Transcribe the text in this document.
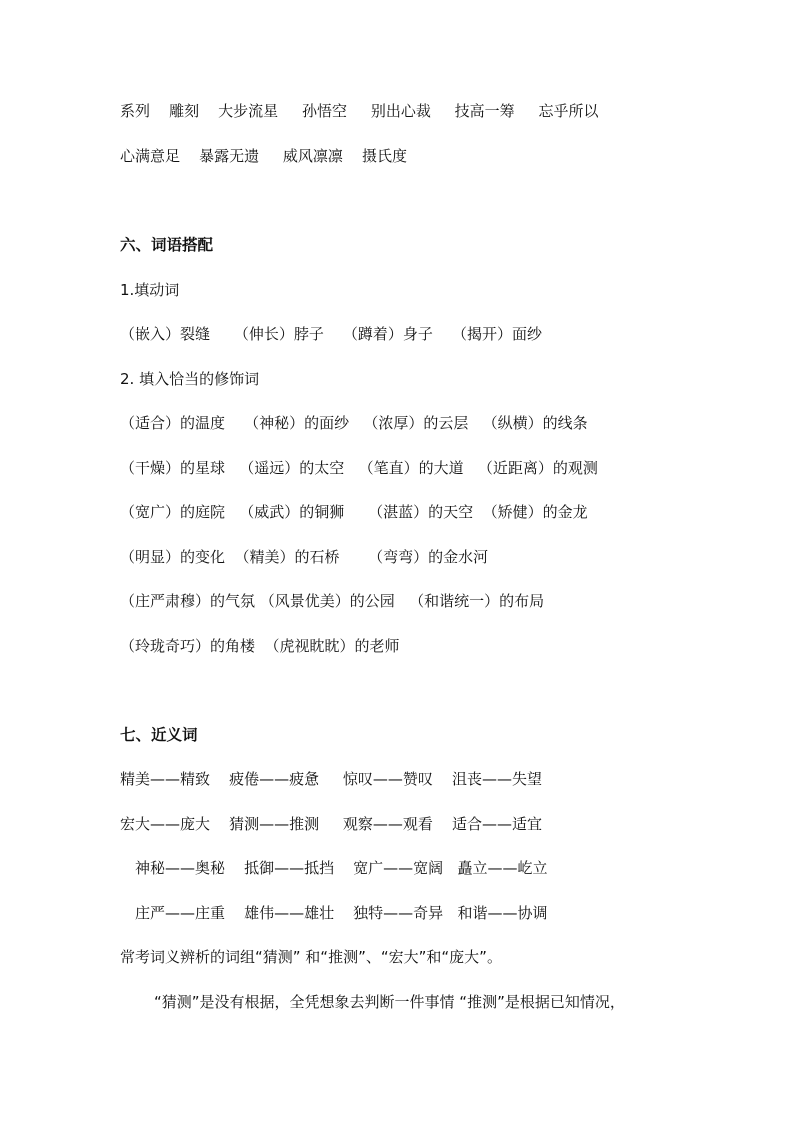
系列    雕刻    大步流星     孙悟空     别出心裁     技高一筹     忘乎所以
心满意足    暴露无遗     威风凛凛    摄氏度
六、词语搭配
1.填动词
（嵌入）裂缝     （伸长）脖子    （蹲着）身子    （揭开）面纱
2. 填入恰当的修饰词
（适合）的温度    （神秘）的面纱   （浓厚）的云层   （纵横）的线条
（干燥）的星球   （遥远）的太空   （笔直）的大道   （近距离）的观测
（宽广）的庭院   （威武）的铜狮     （湛蓝）的天空  （矫健）的金龙
（明显）的变化  （精美）的石桥      （弯弯）的金水河
（庄严肃穆）的气氛 （风景优美）的公园   （和谐统一）的布局
（玲珑奇巧）的角楼  （虎视眈眈）的老师
七、近义词
精美——精致    疲倦——疲惫     惊叹——赞叹    沮丧——失望
宏大——庞大    猜测——推测     观察——观看    适合——适宜
神秘——奥秘    抵御——抵挡    宽广——宽阔   矗立——屹立
庄严——庄重    雄伟——雄壮    独特——奇异   和谐——协调
常考词义辨析的词组“猜测” 和“推测”、“宏大”和“庞大”。
“猜测”是没有根据，全凭想象去判断一件事情 “推测”是根据已知情况，
